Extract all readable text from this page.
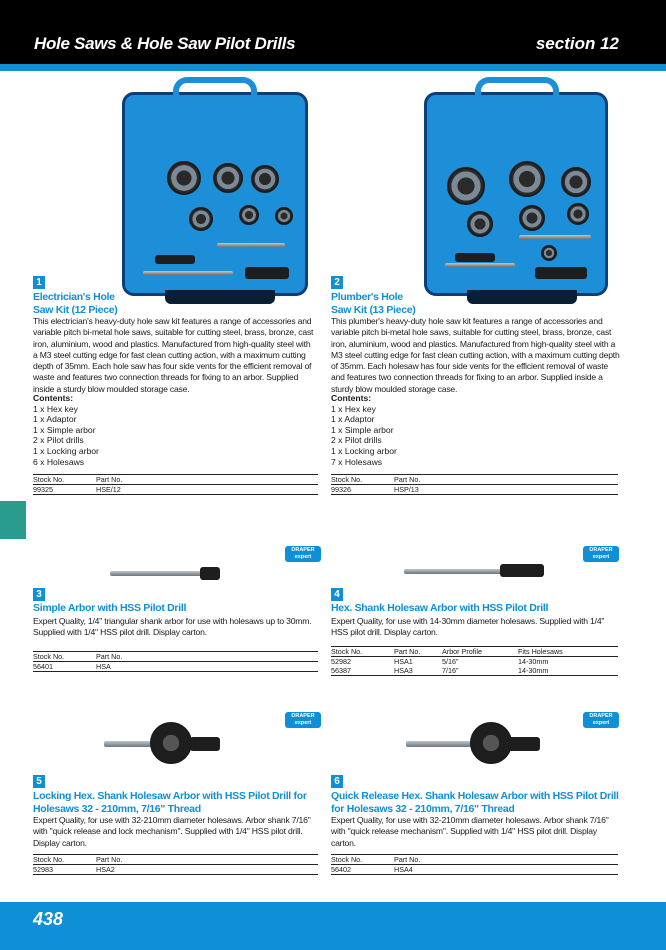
Hole Saws & Hole Saw Pilot Drills	section 12
1
Electrician's Hole
Saw Kit (12 Piece)
This electrician's heavy-duty hole saw kit features a range of accessories and variable pitch bi-metal hole saws, suitable for cutting steel, brass, bronze, cast iron, aluminium, wood and plastics. Manufactured from high-quality steel with a M3 steel cutting edge for fast clean cutting action, with a maximum cutting depth of 35mm. Each hole saw has four side vents for the efficient removal of waste and features two connection threads for fixing to an arbor. Supplied inside a sturdy blow moulded storage case.
Contents:
1 x Hex key
1 x Adaptor
1 x Simple arbor
2 x Pilot drills
1 x Locking arbor
6 x Holesaws
Stock No.	Part No.
99325	HSE/12
2
Plumber's Hole
Saw Kit (13 Piece)
This plumber's heavy-duty hole saw kit features a range of accessories and variable pitch bi-metal hole saws, suitable for cutting steel, brass, bronze, cast iron, aluminium, wood and plastics. Manufactured from high-quality steel with a M3 steel cutting edge for fast clean cutting action, with a maximum cutting depth of 35mm. Each holesaw has four side vents for the efficient removal of waste and features two connection threads for fixing to an arbor. Supplied inside a sturdy blow moulded storage case.
Contents:
1 x Hex key
1 x Adaptor
1 x Simple arbor
2 x Pilot drills
1 x Locking arbor
7 x Holesaws
Stock No.	Part No.
99326	HSP/13
DRAPER
expert
3
Simple Arbor with HSS Pilot Drill
Expert Quality, 1/4" triangular shank arbor for use with holesaws up to 30mm. Supplied with 1/4" HSS pilot drill. Display carton.
Stock No.	Part No.
56401	HSA
DRAPER
expert
4
Hex. Shank Holesaw Arbor with HSS Pilot Drill
Expert Quality, for use with 14-30mm diameter holesaws. Supplied with 1/4" HSS pilot drill. Display carton.
Stock No.	Part No.	Arbor Profile	Fits Holesaws
52982	HSA1	5/16"	14-30mm
56387	HSA3	7/16"	14-30mm
DRAPER
expert
5
Locking Hex. Shank Holesaw Arbor with HSS Pilot Drill for
Holesaws 32 - 210mm, 7/16" Thread
Expert Quality, for use with 32-210mm diameter holesaws. Arbor shank 7/16" with "quick release and lock mechanism". Supplied with 1/4" HSS pilot drill. Display carton.
Stock No.	Part No.
52983	HSA2
DRAPER
expert
6
Quick Release Hex. Shank Holesaw Arbor with HSS Pilot Drill
for Holesaws 32 - 210mm, 7/16" Thread
Expert Quality, for use with 32-210mm diameter holesaws. Arbor shank 7/16" with "quick release mechanism". Supplied with 1/4" HSS pilot drill. Display carton.
Stock No.	Part No.
56402	HSA4
438
